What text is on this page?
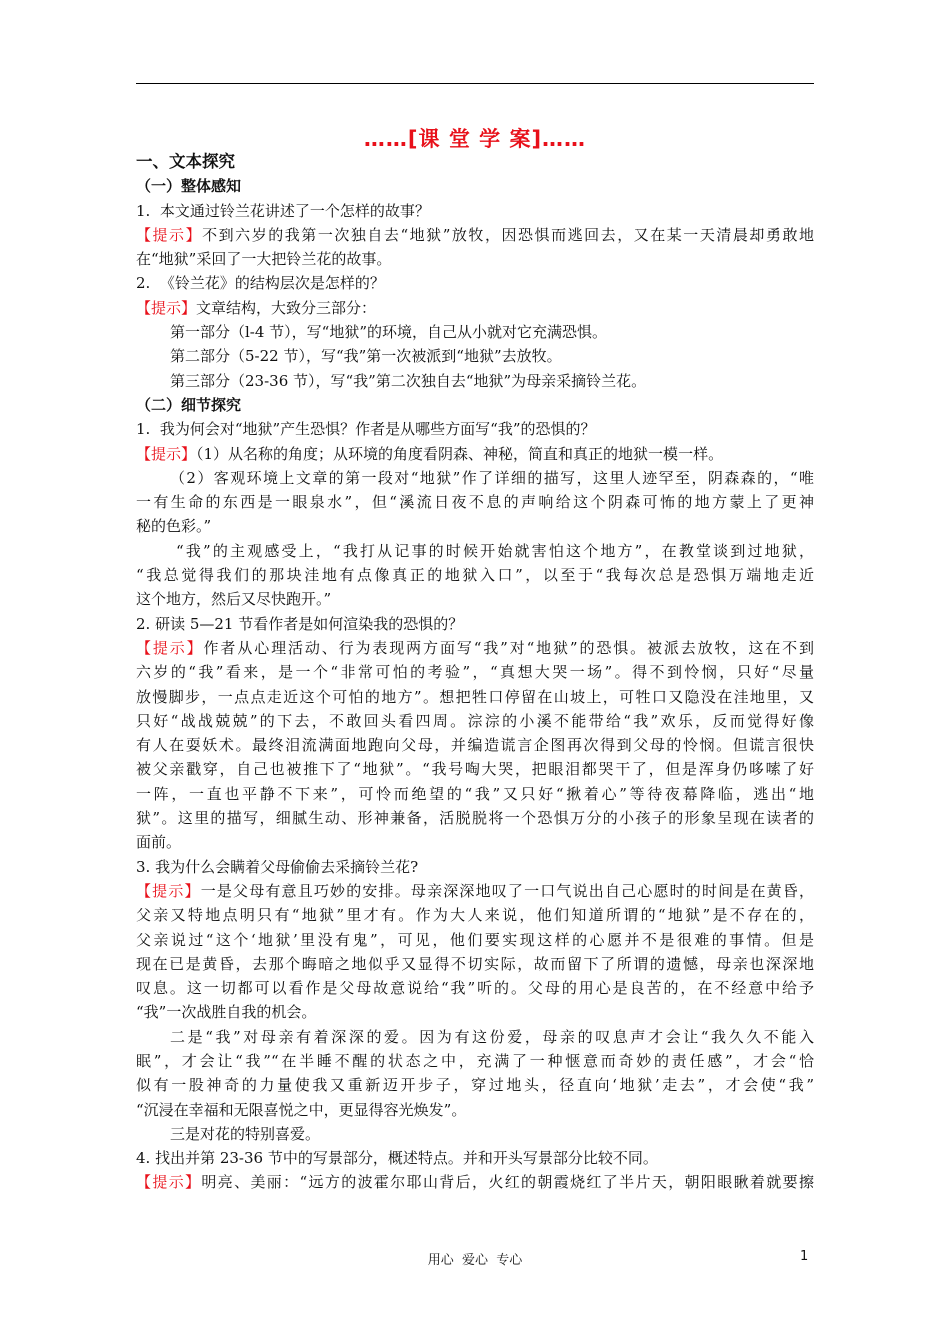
……[课 堂 学 案]……
一、文本探究
（一）整体感知
1.  本文通过铃兰花讲述了一个怎样的故事？
【提示】不到六岁的我第一次独自去“地狱”放牧，因恐惧而逃回去，又在某一天清晨却勇敢地
在“地狱”采回了一大把铃兰花的故事。
2.  《铃兰花》的结构层次是怎样的？
【提示】文章结构，大致分三部分：
第一部分（l-4 节），写“地狱”的环境，自己从小就对它充满恐惧。
第二部分（5-22 节），写“我”第一次被派到“地狱”去放牧。
第三部分（23-36 节），写“我”第二次独自去“地狱”为母亲采摘铃兰花。
（二）细节探究
1.  我为何会对“地狱”产生恐惧？作者是从哪些方面写“我”的恐惧的？
【提示】（1）从名称的角度；从环境的角度看阴森、神秘，简直和真正的地狱一模一样。
（2）客观环境上文章的第一段对“地狱”作了详细的描写，这里人迹罕至，阴森森的，“唯
一有生命的东西是一眼泉水”，但“溪流日夜不息的声响给这个阴森可怖的地方蒙上了更神
秘的色彩。”
“我”的主观感受上，“我打从记事的时候开始就害怕这个地方”，在教堂谈到过地狱，
“我总觉得我们的那块洼地有点像真正的地狱入口”，以至于“我每次总是恐惧万端地走近
这个地方，然后又尽快跑开。”
2. 研读 5—21 节看作者是如何渲染我的恐惧的？
【提示】作者从心理活动、行为表现两方面写“我”对“地狱”的恐惧。被派去放牧，这在不到
六岁的“我”看来，是一个“非常可怕的考验”，“真想大哭一场”。得不到怜悯，只好“尽量
放慢脚步，一点点走近这个可怕的地方”。想把牲口停留在山坡上，可牲口又隐没在洼地里，又
只好“战战兢兢”的下去，不敢回头看四周。淙淙的小溪不能带给“我”欢乐，反而觉得好像
有人在耍妖术。最终泪流满面地跑向父母，并编造谎言企图再次得到父母的怜悯。但谎言很快
被父亲戳穿，自己也被推下了“地狱”。“我号啕大哭，把眼泪都哭干了，但是浑身仍哆嗦了好
一阵，一直也平静不下来”，可怜而绝望的“我”又只好“揪着心”等待夜幕降临，逃出“地
狱”。这里的描写，细腻生动、形神兼备，活脱脱将一个恐惧万分的小孩子的形象呈现在读者的
面前。
3. 我为什么会瞒着父母偷偷去采摘铃兰花?
【提示】一是父母有意且巧妙的安排。母亲深深地叹了一口气说出自己心愿时的时间是在黄昏，
父亲又特地点明只有“地狱”里才有。作为大人来说，他们知道所谓的“地狱”是不存在的，
父亲说过“这个‘地狱’里没有鬼”，可见，他们要实现这样的心愿并不是很难的事情。但是
现在已是黄昏，去那个晦暗之地似乎又显得不切实际，故而留下了所谓的遗憾，母亲也深深地
叹息。这一切都可以看作是父母故意说给“我”听的。父母的用心是良苦的，在不经意中给予
“我”一次战胜自我的机会。
二是“我”对母亲有着深深的爱。因为有这份爱，母亲的叹息声才会让“我久久不能入
眠”，才会让“我”“在半睡不醒的状态之中，充满了一种惬意而奇妙的责任感”，才会“恰
似有一股神奇的力量使我又重新迈开步子，穿过地头，径直向‘地狱’走去”，才会使“我”
“沉浸在幸福和无限喜悦之中，更显得容光焕发”。
三是对花的特别喜爱。
4. 找出并第 23-36 节中的写景部分，概述特点。并和开头写景部分比较不同。
【提示】明亮、美丽：“远方的波霍尔耶山背后，火红的朝霞烧红了半片天，朝阳眼瞅着就要擦
用心  爱心  专心	1
